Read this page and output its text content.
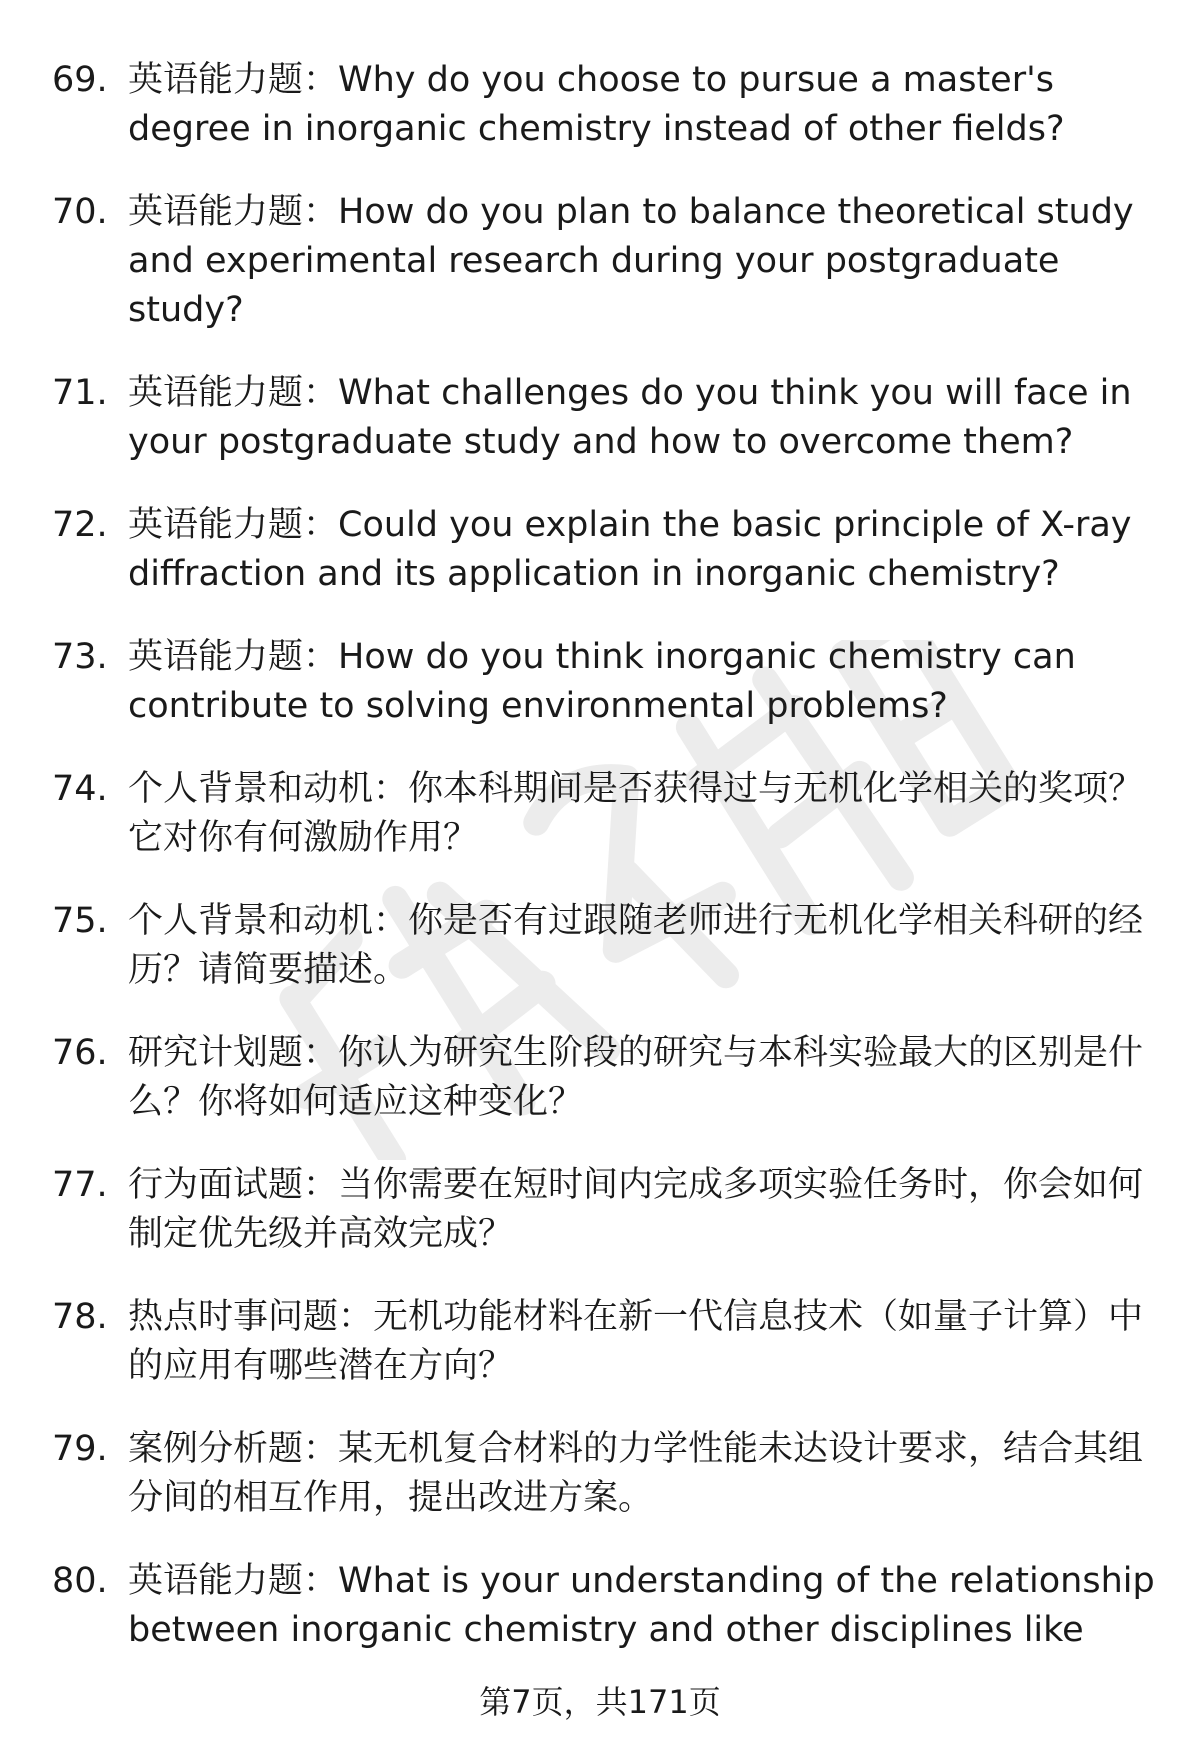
69. 英语能力题：Why do you choose to pursue a master's degree in inorganic chemistry instead of other fields?
70. 英语能力题：How do you plan to balance theoretical study and experimental research during your postgraduate study?
71. 英语能力题：What challenges do you think you will face in your postgraduate study and how to overcome them?
72. 英语能力题：Could you explain the basic principle of X-ray diffraction and its application in inorganic chemistry?
73. 英语能力题：How do you think inorganic chemistry can contribute to solving environmental problems?
74. 个人背景和动机：你本科期间是否获得过与无机化学相关的奖项？它对你有何激励作用？
75. 个人背景和动机：你是否有过跟随老师进行无机化学相关科研的经历？请简要描述。
76. 研究计划题：你认为研究生阶段的研究与本科实验最大的区别是什么？你将如何适应这种变化？
77. 行为面试题：当你需要在短时间内完成多项实验任务时，你会如何制定优先级并高效完成？
78. 热点时事问题：无机功能材料在新一代信息技术（如量子计算）中的应用有哪些潜在方向？
79. 案例分析题：某无机复合材料的力学性能未达设计要求，结合其组分间的相互作用，提出改进方案。
80. 英语能力题：What is your understanding of the relationship between inorganic chemistry and other disciplines like
第7页，共171页
